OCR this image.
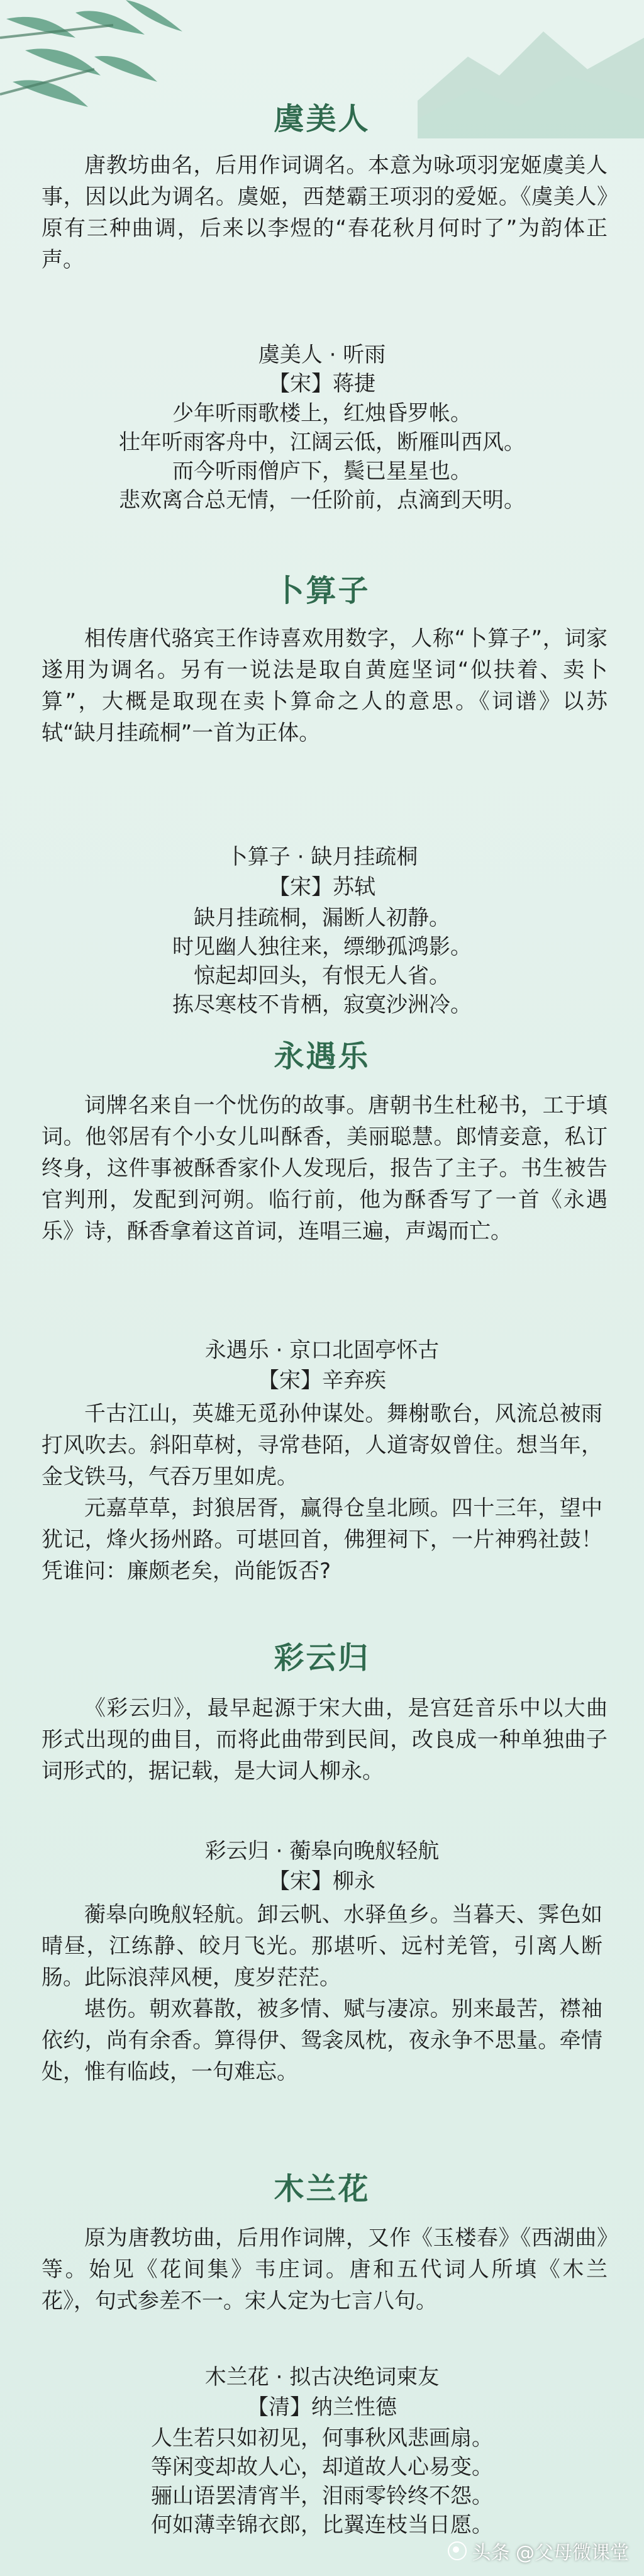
虞美人
唐教坊曲名，后用作词调名。本意为咏项羽宠姬虞美人事，因以此为调名。虞姬，西楚霸王项羽的爱姬。《虞美人》原有三种曲调，后来以李煜的“春花秋月何时了”为韵体正声。
虞美人 · 听雨
【宋】蒋捷
少年听雨歌楼上，红烛昏罗帐。
壮年听雨客舟中，江阔云低，断雁叫西风。
而今听雨僧庐下，鬓已星星也。
悲欢离合总无情，一任阶前，点滴到天明。
卜算子
相传唐代骆宾王作诗喜欢用数字，人称“卜算子”，词家遂用为调名。另有一说法是取自黄庭坚词“似扶着、卖卜算”，大概是取现在卖卜算命之人的意思。《词谱》以苏轼“缺月挂疏桐”一首为正体。
卜算子 · 缺月挂疏桐
【宋】苏轼
缺月挂疏桐，漏断人初静。
时见幽人独往来，缥缈孤鸿影。
惊起却回头，有恨无人省。
拣尽寒枝不肯栖，寂寞沙洲冷。
永遇乐
词牌名来自一个忧伤的故事。唐朝书生杜秘书，工于填词。他邻居有个小女儿叫酥香，美丽聪慧。郎情妾意，私订终身，这件事被酥香家仆人发现后，报告了主子。书生被告官判刑，发配到河朔。临行前，他为酥香写了一首《永遇乐》诗，酥香拿着这首词，连唱三遍，声竭而亡。
永遇乐 · 京口北固亭怀古
【宋】辛弃疾
千古江山，英雄无觅孙仲谋处。舞榭歌台，风流总被雨打风吹去。斜阳草树，寻常巷陌，人道寄奴曾住。想当年，金戈铁马，气吞万里如虎。
元嘉草草，封狼居胥，赢得仓皇北顾。四十三年，望中犹记，烽火扬州路。可堪回首，佛狸祠下，一片神鸦社鼓！凭谁问：廉颇老矣，尚能饭否?
彩云归
《彩云归》，最早起源于宋大曲，是宫廷音乐中以大曲形式出现的曲目，而将此曲带到民间，改良成一种单独曲子词形式的，据记载，是大词人柳永。
彩云归 · 蘅皋向晚舣轻航
【宋】柳永
蘅皋向晚舣轻航。卸云帆、水驿鱼乡。当暮天、霁色如晴昼，江练静、皎月飞光。那堪听、远村羌管，引离人断肠。此际浪萍风梗，度岁茫茫。
堪伤。朝欢暮散，被多情、赋与凄凉。别来最苦，襟袖依约，尚有余香。算得伊、鸳衾凤枕，夜永争不思量。牵情处，惟有临歧，一句难忘。
木兰花
原为唐教坊曲，后用作词牌，又作《玉楼春》《西湖曲》等。始见《花间集》韦庄词。唐和五代词人所填《木兰花》，句式参差不一。宋人定为七言八句。
木兰花 · 拟古决绝词柬友
【清】纳兰性德
人生若只如初见，何事秋风悲画扇。
等闲变却故人心，却道故人心易变。
骊山语罢清宵半，泪雨零铃终不怨。
何如薄幸锦衣郎，比翼连枝当日愿。
头条 @父母微课堂
